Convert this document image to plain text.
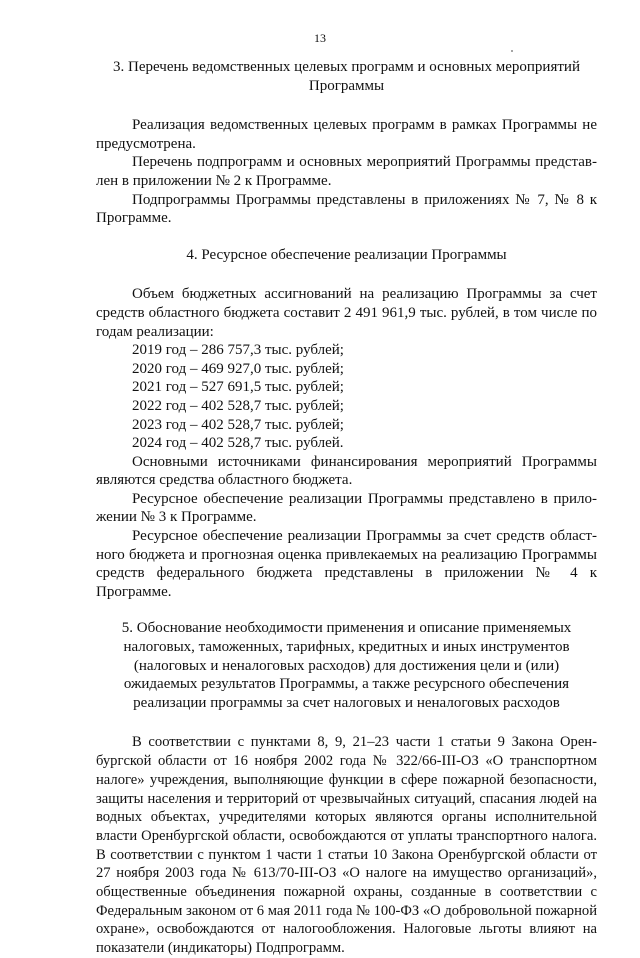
13
3. Перечень ведомственных целевых программ и основных мероприятий Программы

Реализация ведомственных целевых программ в рамках Программы не предусмотрена.

Перечень подпрограмм и основных мероприятий Программы представлен в приложении № 2 к Программе.

Подпрограммы Программы представлены в приложениях № 7, № 8 к Программе.

4. Ресурсное обеспечение реализации Программы

Объем бюджетных ассигнований на реализацию Программы за счет средств областного бюджета составит 2 491 961,9 тыс. рублей, в том числе по годам реализации:

2019 год – 286 757,3 тыс. рублей;
2020 год – 469 927,0 тыс. рублей;
2021 год – 527 691,5 тыс. рублей;
2022 год – 402 528,7 тыс. рублей;
2023 год – 402 528,7 тыс. рублей;
2024 год – 402 528,7 тыс. рублей.

Основными источниками финансирования мероприятий Программы являются средства областного бюджета.

Ресурсное обеспечение реализации Программы представлено в приложении № 3 к Программе.

Ресурсное обеспечение реализации Программы за счет средств областного бюджета и прогнозная оценка привлекаемых на реализацию Программы средств федерального бюджета представлены в приложении № 4 к Программе.

5. Обоснование необходимости применения и описание применяемых налоговых, таможенных, тарифных, кредитных и иных инструментов (налоговых и неналоговых расходов) для достижения цели и (или) ожидаемых результатов Программы, а также ресурсного обеспечения реализации программы за счет налоговых и неналоговых расходов

В соответствии с пунктами 8, 9, 21–23 части 1 статьи 9 Закона Оренбургской области от 16 ноября 2002 года № 322/66-III-ОЗ «О транспортном налоге» учреждения, выполняющие функции в сфере пожарной безопасности, защиты населения и территорий от чрезвычайных ситуаций, спасания людей на водных объектах, учредителями которых являются органы исполнительной власти Оренбургской области, освобождаются от уплаты транспортного налога. В соответствии с пунктом 1 части 1 статьи 10 Закона Оренбургской области от 27 ноября 2003 года № 613/70-III-ОЗ «О налоге на имущество организаций», общественные объединения пожарной охраны, созданные в соответствии с Федеральным законом от 6 мая 2011 года № 100-ФЗ «О добровольной пожарной охране», освобождаются от налогообложения. Налоговые льготы влияют на показатели (индикаторы) Подпрограмм.
